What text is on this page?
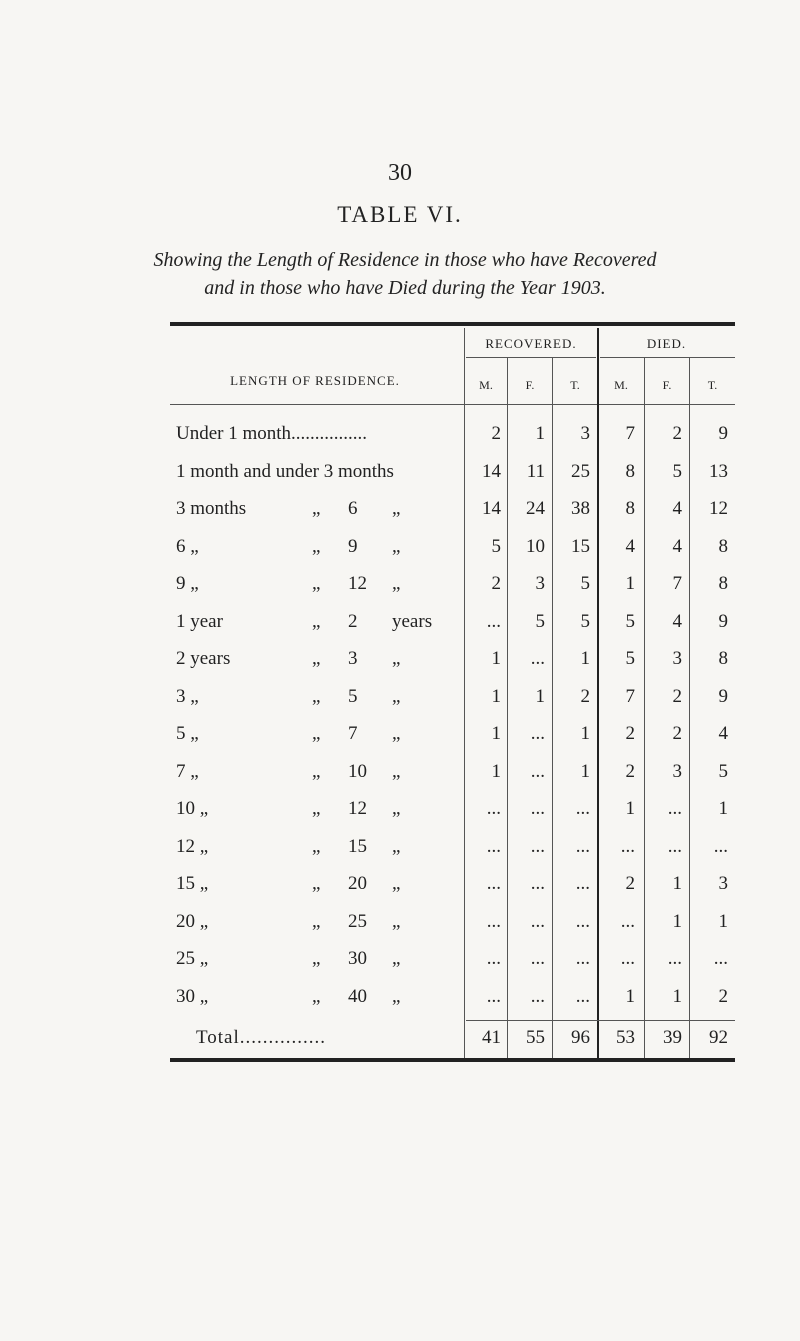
30
TABLE VI.
Showing the Length of Residence in those who have Recovered
and in those who have Died during the Year 1903.
LENGTH OF RESIDENCE.
RECOVERED.	DIED.
M.	F.	T.	M.	F.	T.
Under 1 month................	2	1	3	7	2	9
1 month and under 3 months	14	11	25	8	5	13
3 months	„ 6 „	14	24	38	8	4	12
6 „	„ 9 „	5	10	15	4	4	8
9 „	„ 12 „	2	3	5	1	7	8
1 year	„ 2 years	...	5	5	5	4	9
2 years	„ 3 „	1	...	1	5	3	8
3 „	„ 5 „	1	1	2	7	2	9
5 „	„ 7 „	1	...	1	2	2	4
7 „	„ 10 „	1	...	1	2	3	5
10 „	„ 12 „	...	...	...	1	...	1
12 „	„ 15 „	...	...	...	...	...	...
15 „	„ 20 „	...	...	...	2	1	3
20 „	„ 25 „	...	...	...	...	1	1
25 „	„ 30 „	...	...	...	...	...	...
30 „	„ 40 „	...	...	...	1	1	2
Total...............	41	55	96	53	39	92
